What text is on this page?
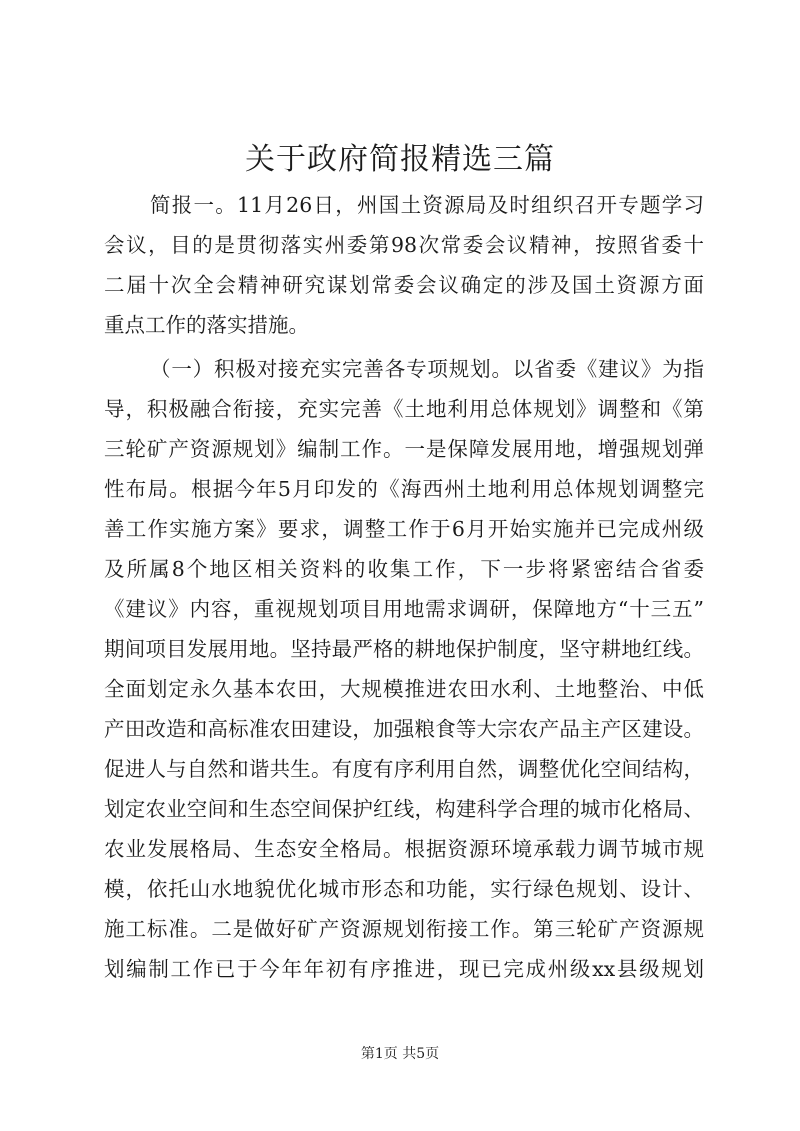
关于政府简报精选三篇
简报一。11月26日，州国土资源局及时组织召开专题学习
会议，目的是贯彻落实州委第98次常委会议精神，按照省委十
二届十次全会精神研究谋划常委会议确定的涉及国土资源方面
重点工作的落实措施。
（一）积极对接充实完善各专项规划。以省委《建议》为指
导，积极融合衔接，充实完善《土地利用总体规划》调整和《第
三轮矿产资源规划》编制工作。一是保障发展用地，增强规划弹
性布局。根据今年5月印发的《海西州土地利用总体规划调整完
善工作实施方案》要求，调整工作于6月开始实施并已完成州级
及所属8个地区相关资料的收集工作，下一步将紧密结合省委
《建议》内容，重视规划项目用地需求调研，保障地方“十三五”
期间项目发展用地。坚持最严格的耕地保护制度，坚守耕地红线。
全面划定永久基本农田，大规模推进农田水利、土地整治、中低
产田改造和高标准农田建设，加强粮食等大宗农产品主产区建设。
促进人与自然和谐共生。有度有序利用自然，调整优化空间结构，
划定农业空间和生态空间保护红线，构建科学合理的城市化格局、
农业发展格局、生态安全格局。根据资源环境承载力调节城市规
模，依托山水地貌优化城市形态和功能，实行绿色规划、设计、
施工标准。二是做好矿产资源规划衔接工作。第三轮矿产资源规
划编制工作已于今年年初有序推进，现已完成州级xx县级规划
第1页 共5页
